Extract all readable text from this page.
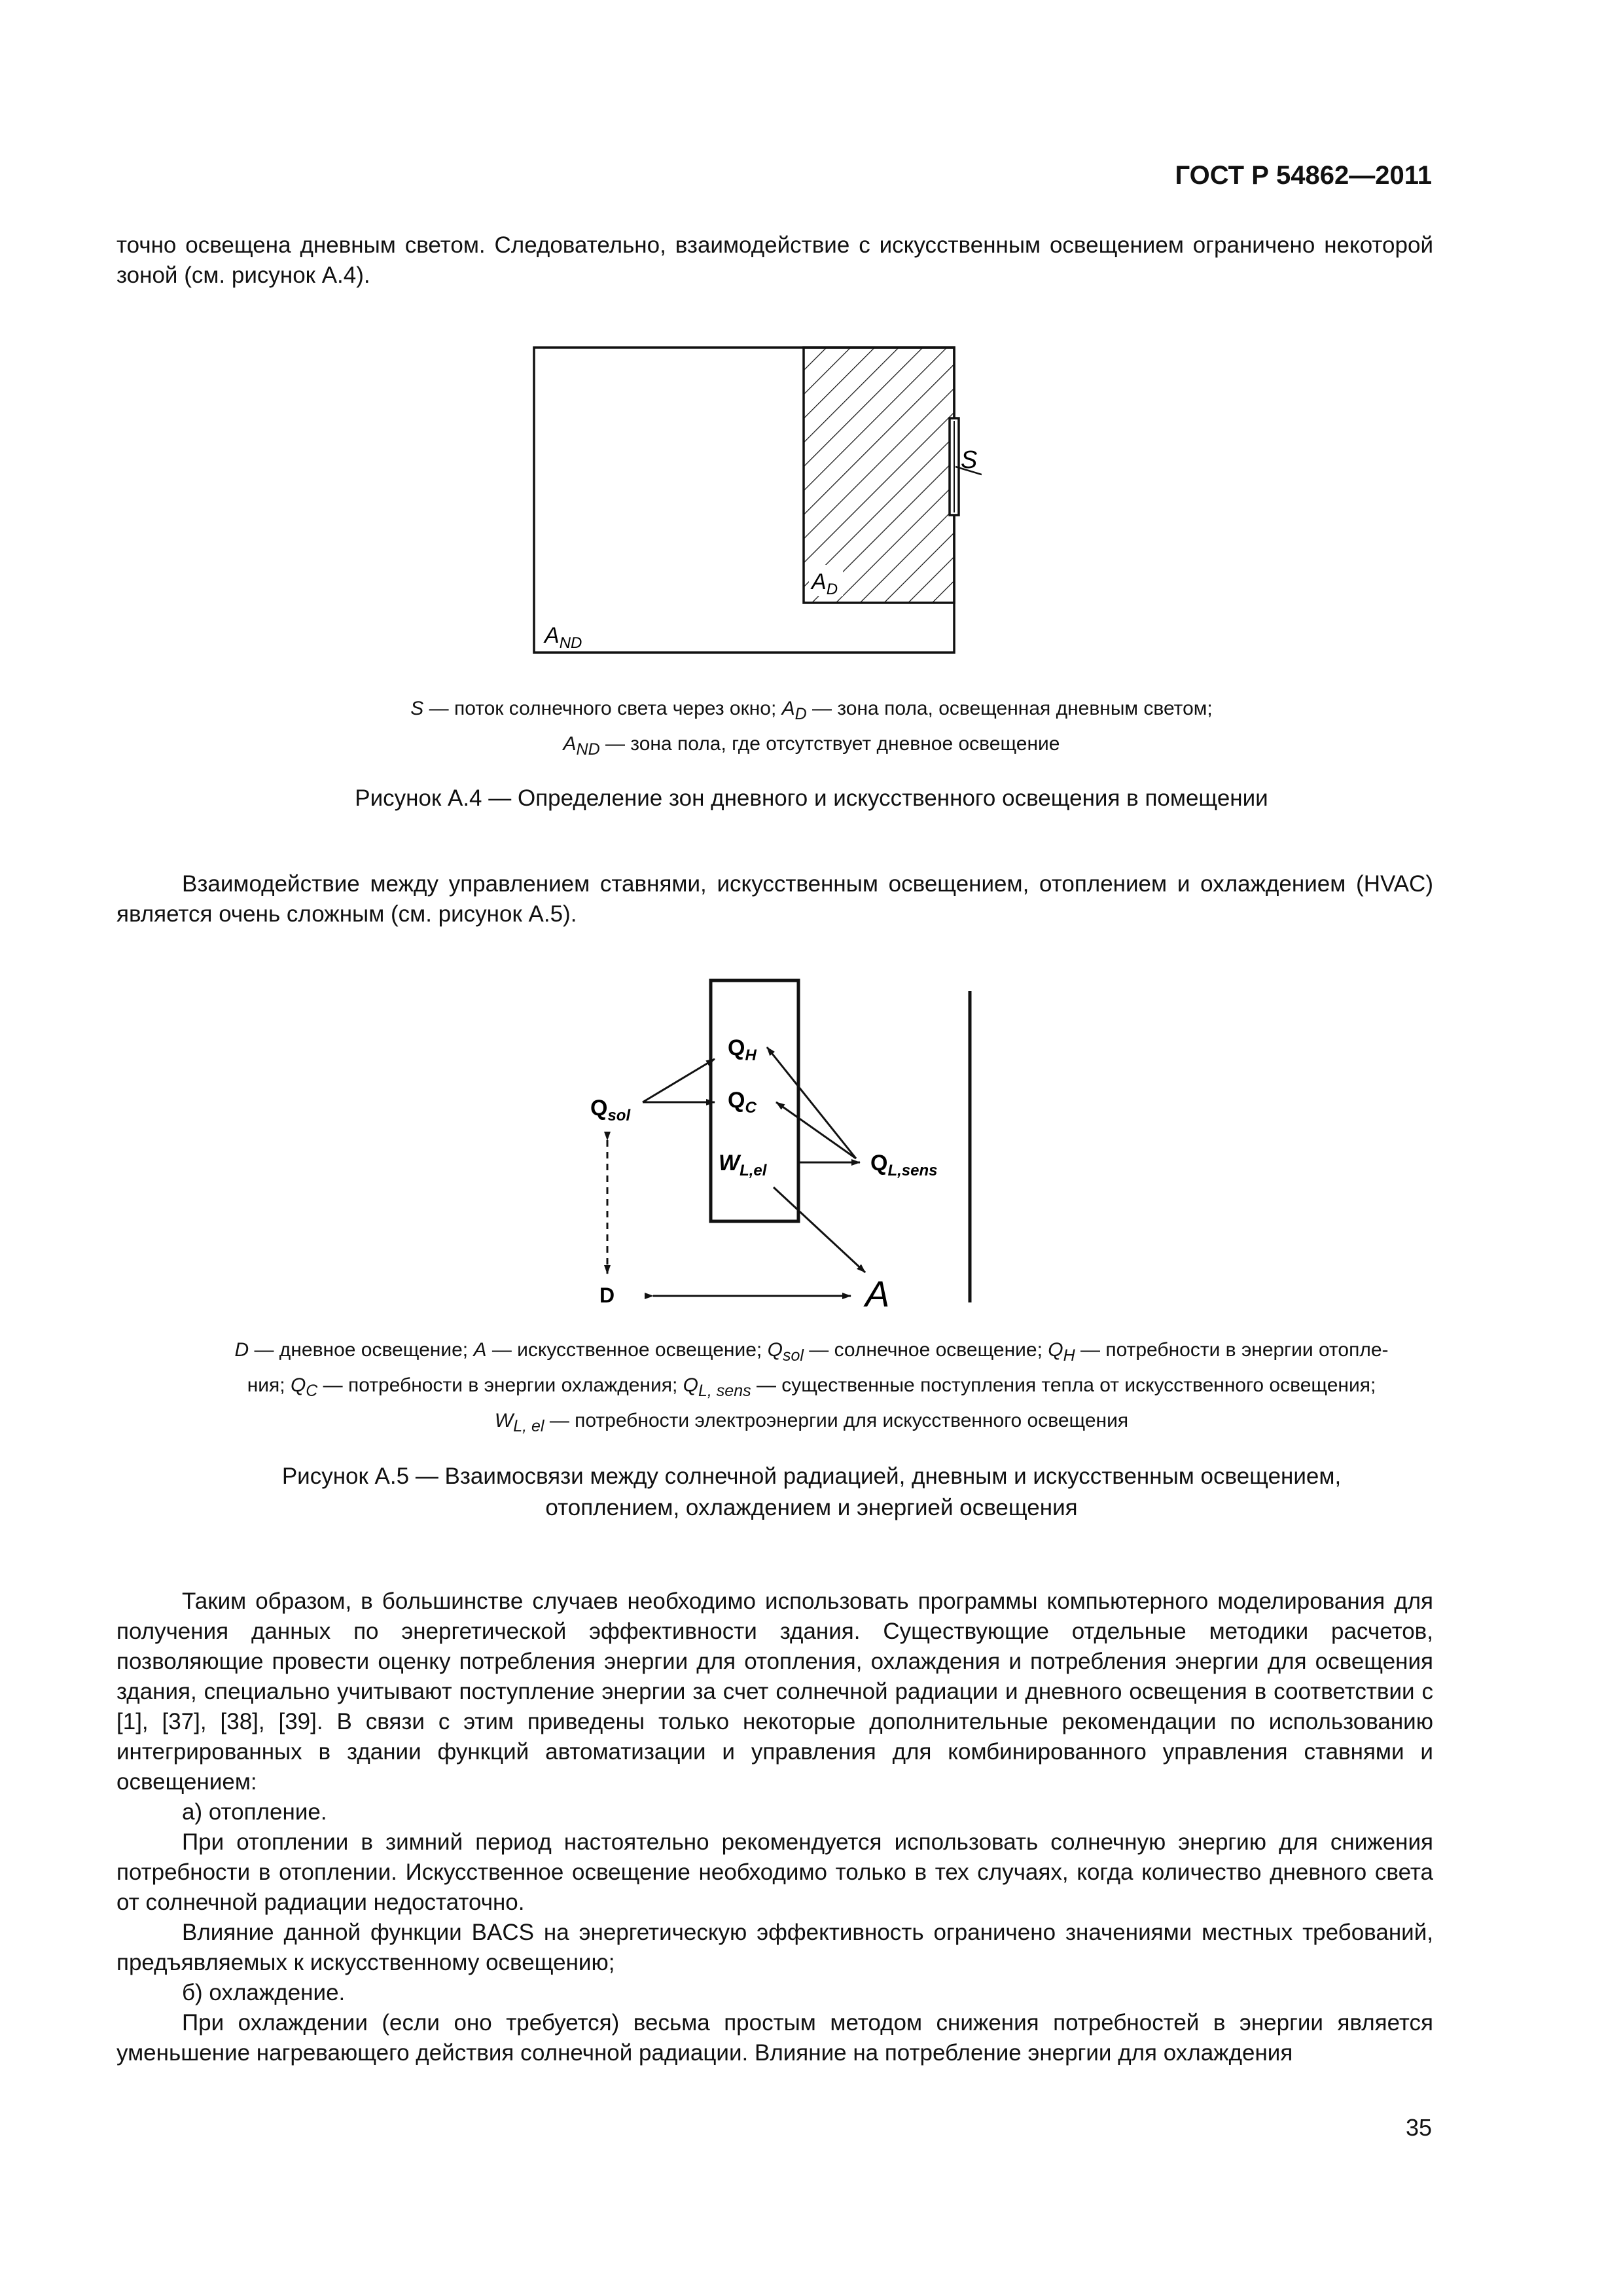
ГОСТ Р 54862—2011

точно освещена дневным светом. Следовательно, взаимодействие с искусственным освещением ограничено некоторой зоной (см. рисунок А.4).

S
$A_D$
$A_{ND}$
S — поток солнечного света через окно; $A_D$ — зона пола, освещенная дневным светом;
$A_{ND}$ — зона пола, где отсутствует дневное освещение
Рисунок А.4 — Определение зон дневного и искусственного освещения в помещении

Взаимодействие между управлением ставнями, искусственным освещением, отоплением и охлаждением (HVAC) является очень сложным (см. рисунок А.5).

$Q_{sol}$
$Q_H$
$Q_C$
$W_{L,el}$	$Q_{L,sens}$
D	A
D — дневное освещение; A — искусственное освещение; $Q_{sol}$ — солнечное освещение; $Q_H$ — потребности в энергии отопле-
ния; $Q_C$ — потребности в энергии охлаждения; $Q_{L, sens}$ — существенные поступления тепла от искусственного освещения;
$W_{L, el}$ — потребности электроэнергии для искусственного освещения
Рисунок А.5 — Взаимосвязи между солнечной радиацией, дневным и искусственным освещением,
отоплением, охлаждением и энергией освещения

Таким образом, в большинстве случаев необходимо использовать программы компьютерного моделирования для получения данных по энергетической эффективности здания. Существующие отдельные методики расчетов, позволяющие провести оценку потребления энергии для отопления, охлаждения и потребления энергии для освещения здания, специально учитывают поступление энергии за счет солнечной радиации и дневного освещения в соответствии с [1], [37], [38], [39]. В связи с этим приведены только некоторые дополнительные рекомендации по использованию интегрированных в здании функций автоматизации и управления для комбинированного управления ставнями и освещением:

а) отопление.

При отоплении в зимний период настоятельно рекомендуется использовать солнечную энергию для снижения потребности в отоплении. Искусственное освещение необходимо только в тех случаях, когда количество дневного света от солнечной радиации недостаточно.

Влияние данной функции BACS на энергетическую эффективность ограничено значениями местных требований, предъявляемых к искусственному освещению;

б) охлаждение.

При охлаждении (если оно требуется) весьма простым методом снижения потребностей в энергии является уменьшение нагревающего действия солнечной радиации. Влияние на потребление энергии для охлаждения

35
